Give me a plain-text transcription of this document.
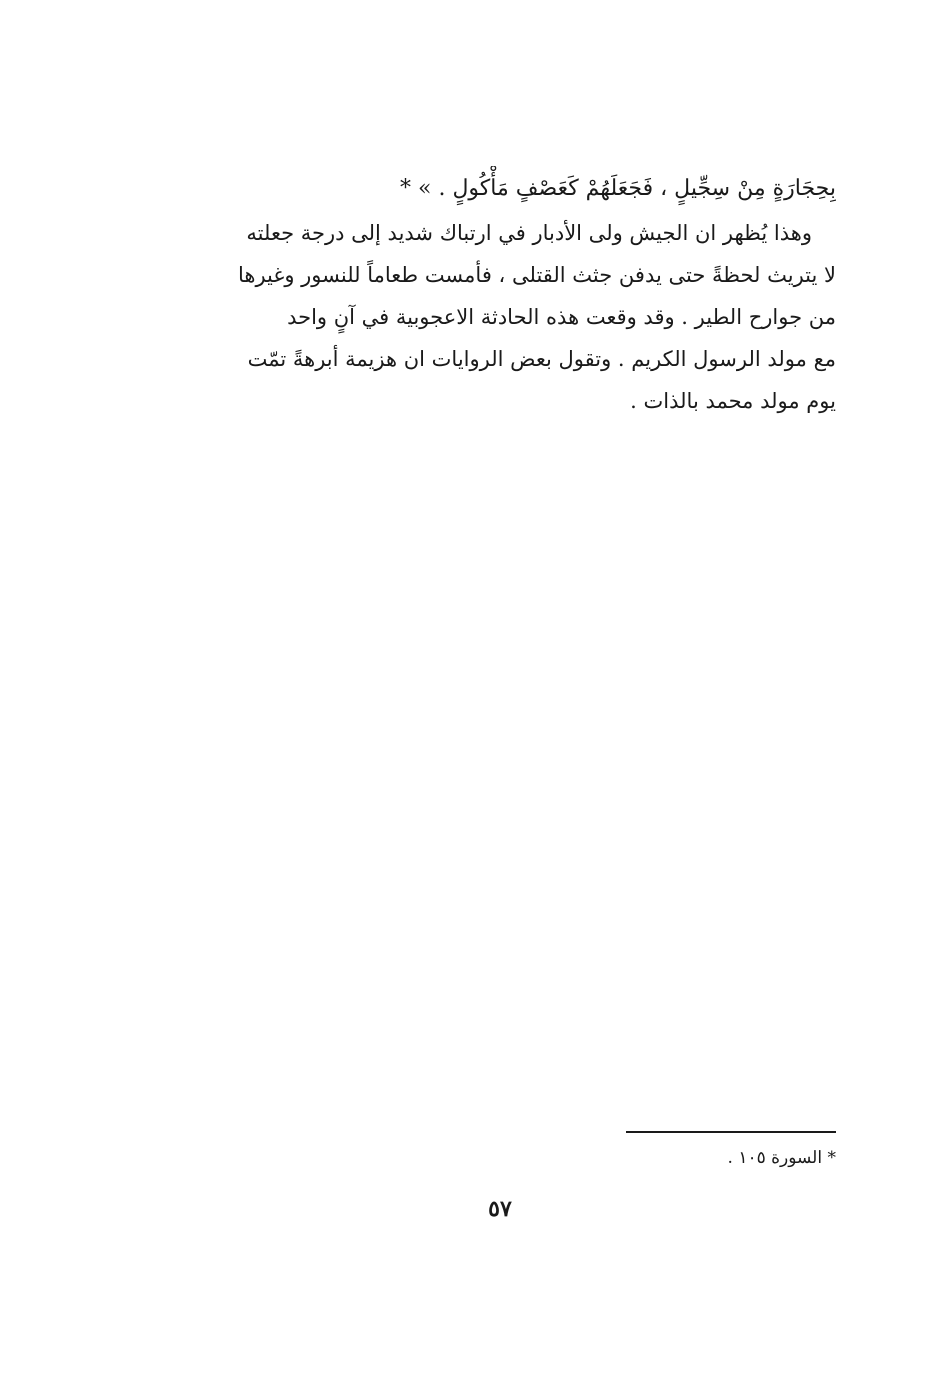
بِحِجَارَةٍ مِنْ سِجِّيلٍ ، فَجَعَلَهُمْ كَعَصْفٍ مَأْكُولٍ . » *
وهذا يُظهر ان الجيش ولى الأدبار في ارتباك شديد إلى درجة جعلته
لا يتريث لحظةً حتى يدفن جثث القتلى ، فأمست طعاماً للنسور وغيرها
من جوارح الطير . وقد وقعت هذه الحادثة الاعجوبية في آنٍ واحد
مع مولد الرسول الكريم . وتقول بعض الروايات ان هزيمة أبرهةً تمّت
يوم مولد محمد بالذات .
* السورة ١٠٥ .
٥٧
